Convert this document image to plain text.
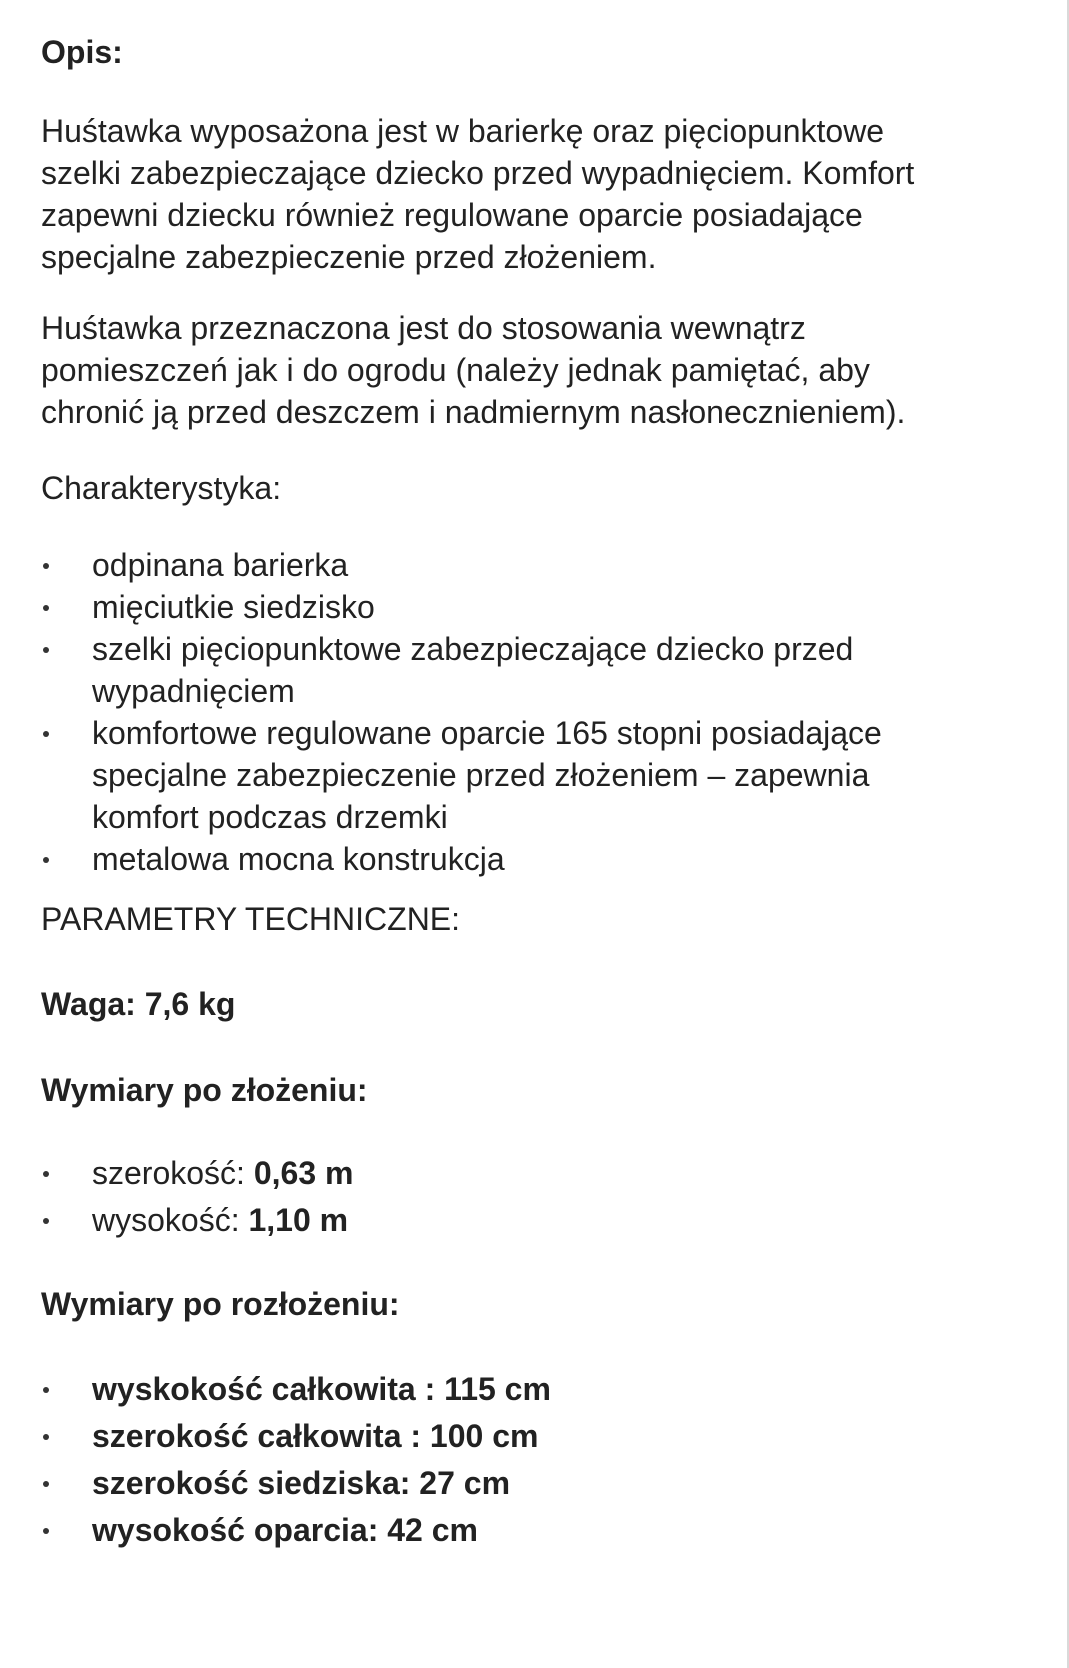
Opis:
Huśtawka wyposażona jest w barierkę oraz pięciopunktowe
szelki zabezpieczające dziecko przed wypadnięciem. Komfort
zapewni dziecku również regulowane oparcie posiadające
specjalne zabezpieczenie przed złożeniem.
Huśtawka przeznaczona jest do stosowania wewnątrz
pomieszczeń jak i do ogrodu (należy jednak pamiętać, aby
chronić ją przed deszczem i nadmiernym nasłonecznieniem).
Charakterystyka:
odpinana barierka
mięciutkie siedzisko
szelki pięciopunktowe zabezpieczające dziecko przed
wypadnięciem
komfortowe regulowane oparcie 165 stopni posiadające
specjalne zabezpieczenie przed złożeniem – zapewnia
komfort podczas drzemki
metalowa mocna konstrukcja
PARAMETRY TECHNICZNE:
Waga: 7,6 kg
Wymiary po złożeniu:
szerokość: 0,63 m
wysokość: 1,10 m
Wymiary po rozłożeniu:
wyskokość całkowita : 115 cm
szerokość całkowita : 100 cm
szerokość siedziska: 27 cm
wysokość oparcia: 42 cm
